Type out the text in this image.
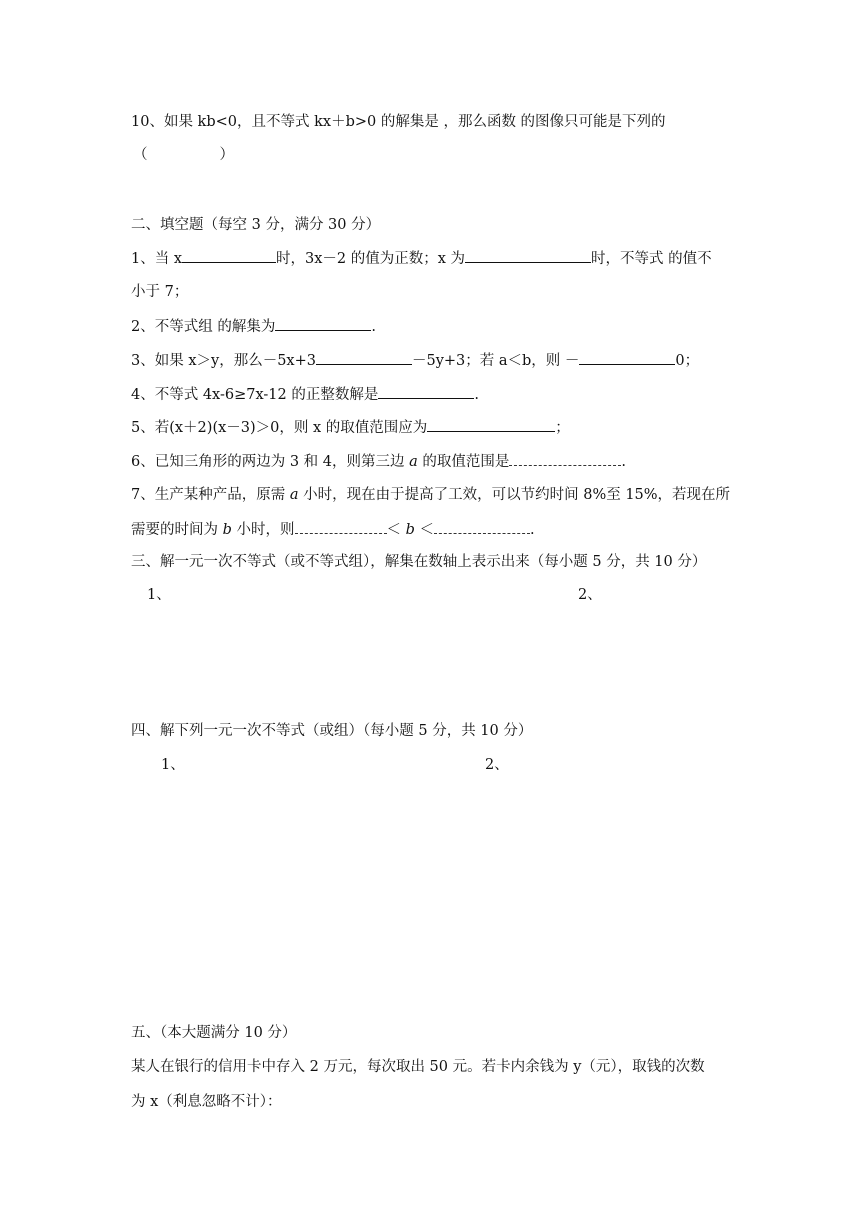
10、如果 kb<0，且不等式 kx＋b>0 的解集是 ，那么函数 的图像只可能是下列的
（	）
二、填空题（每空 3 分，满分 30 分）
1、当 x	时，3x－2 的值为正数；x 为	时，不等式 的值不
小于 7；
2、不等式组 的解集为	.
3、如果 x＞y，那么－5x+3	－5y+3；若 a＜b，则 －	0；
4、不等式 4x-6≥7x-12 的正整数解是	.
5、若(x＋2)(x－3)＞0，则 x 的取值范围应为	；
6、已知三角形的两边为 3 和 4，则第三边 a 的取值范围是	.
7、生产某种产品，原需 a 小时，现在由于提高了工效，可以节约时间 8%至 15%，若现在所
需要的时间为 b 小时，则	＜ b ＜	.
三、解一元一次不等式（或不等式组），解集在数轴上表示出来（每小题 5 分，共 10 分）
1、	2、
四、解下列一元一次不等式（或组）（每小题 5 分，共 10 分）
1、	2、
五、（本大题满分 10 分）
某人在银行的信用卡中存入 2 万元，每次取出 50 元。若卡内余钱为 y（元），取钱的次数
为 x（利息忽略不计）：
